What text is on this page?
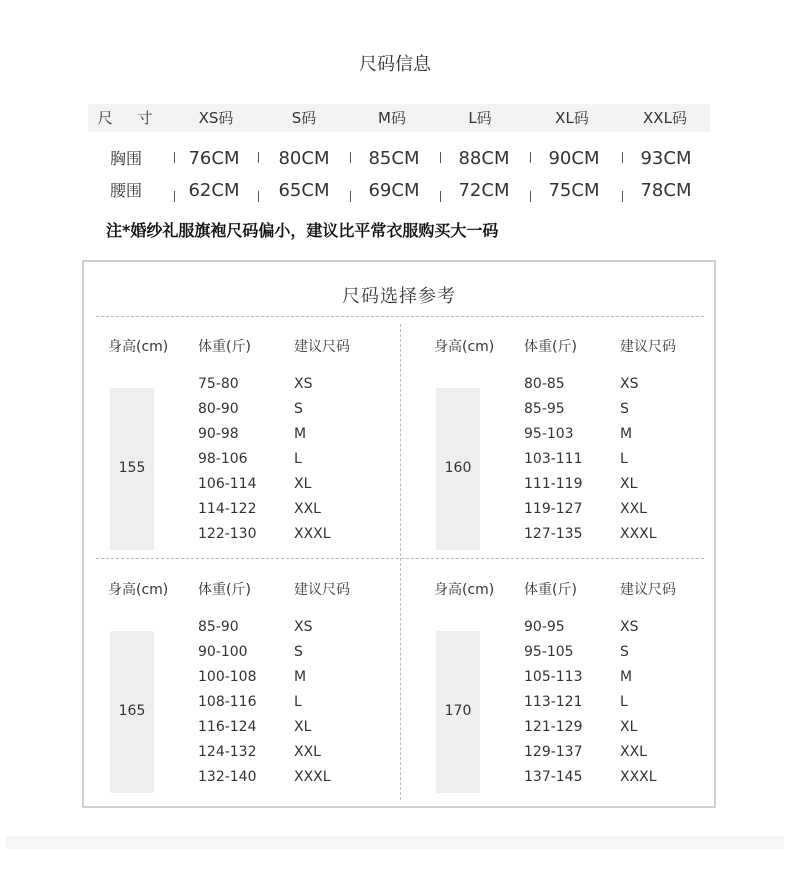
尺码信息
尺 寸	XS码	S码	M码	L码	XL码	XXL码
胸围	76CM	80CM	85CM	88CM	90CM	93CM
腰围	62CM	65CM	69CM	72CM	75CM	78CM
注*婚纱礼服旗袍尺码偏小，建议比平常衣服购买大一码
尺码选择参考
身高(cm) 体重(斤)	建议尺码
155
75-80	XS
80-90	S
90-98	M
98-106	L
106-114	XL
114-122	XXL
122-130	XXXL
身高(cm) 体重(斤)	建议尺码
160
80-85	XS
85-95	S
95-103	M
103-111	L
111-119	XL
119-127	XXL
127-135	XXXL
身高(cm) 体重(斤)	建议尺码
165
85-90	XS
90-100	S
100-108	M
108-116	L
116-124	XL
124-132	XXL
132-140	XXXL
身高(cm) 体重(斤)	建议尺码
170
90-95	XS
95-105	S
105-113	M
113-121	L
121-129	XL
129-137	XXL
137-145	XXXL
